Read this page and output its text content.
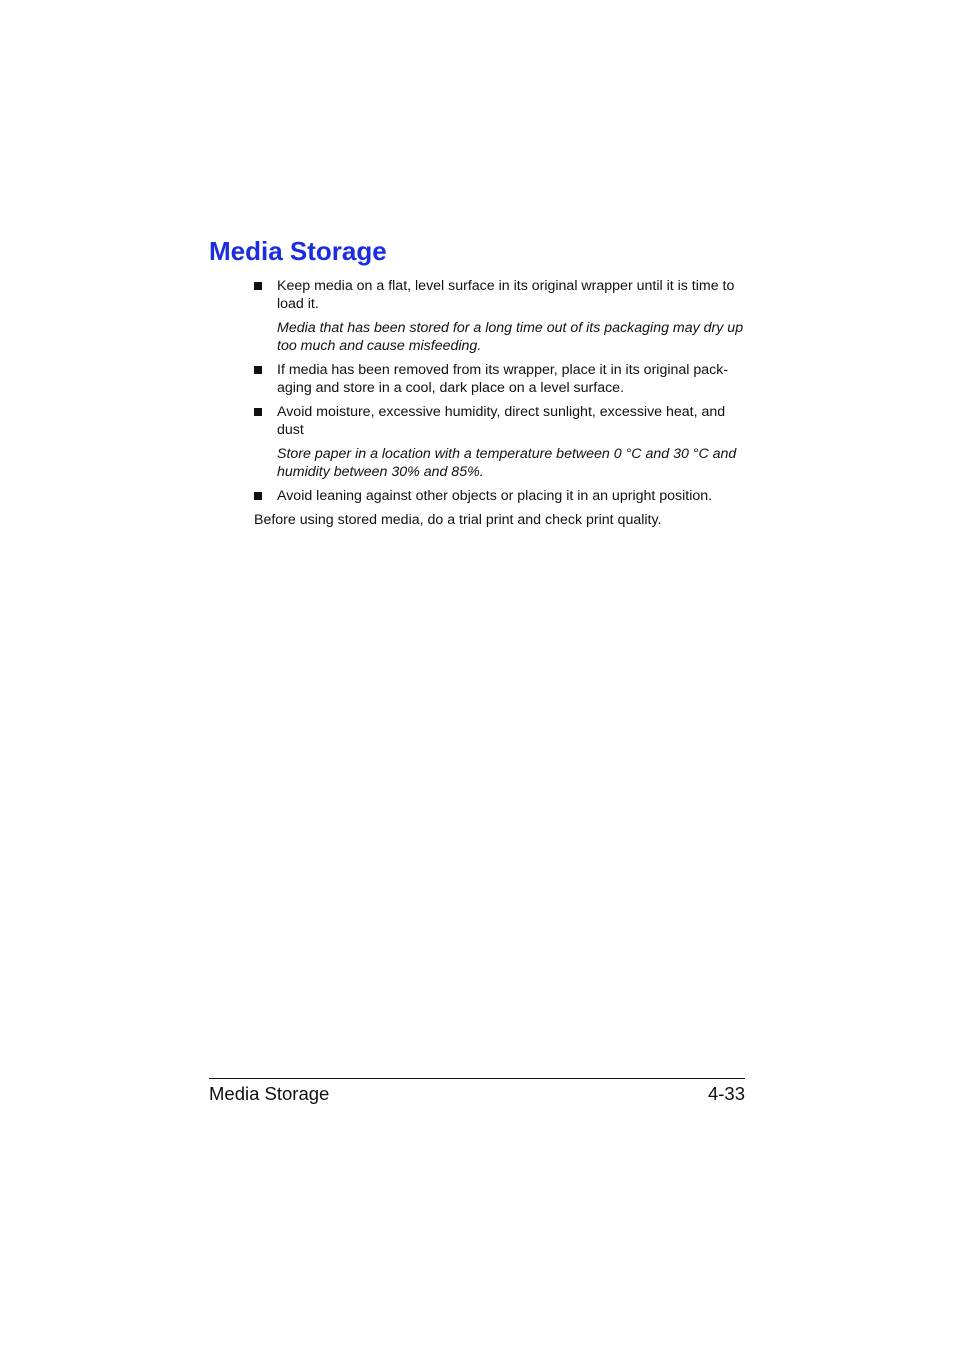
Media Storage
Keep media on a flat, level surface in its original wrapper until it is time to load it.
Media that has been stored for a long time out of its packaging may dry up too much and cause misfeeding.
If media has been removed from its wrapper, place it in its original pack-aging and store in a cool, dark place on a level surface.
Avoid moisture, excessive humidity, direct sunlight, excessive heat, and dust
Store paper in a location with a temperature between 0 °C and 30 °C and humidity between 30% and 85%.
Avoid leaning against other objects or placing it in an upright position.

Before using stored media, do a trial print and check print quality.

Media Storage	4-33
